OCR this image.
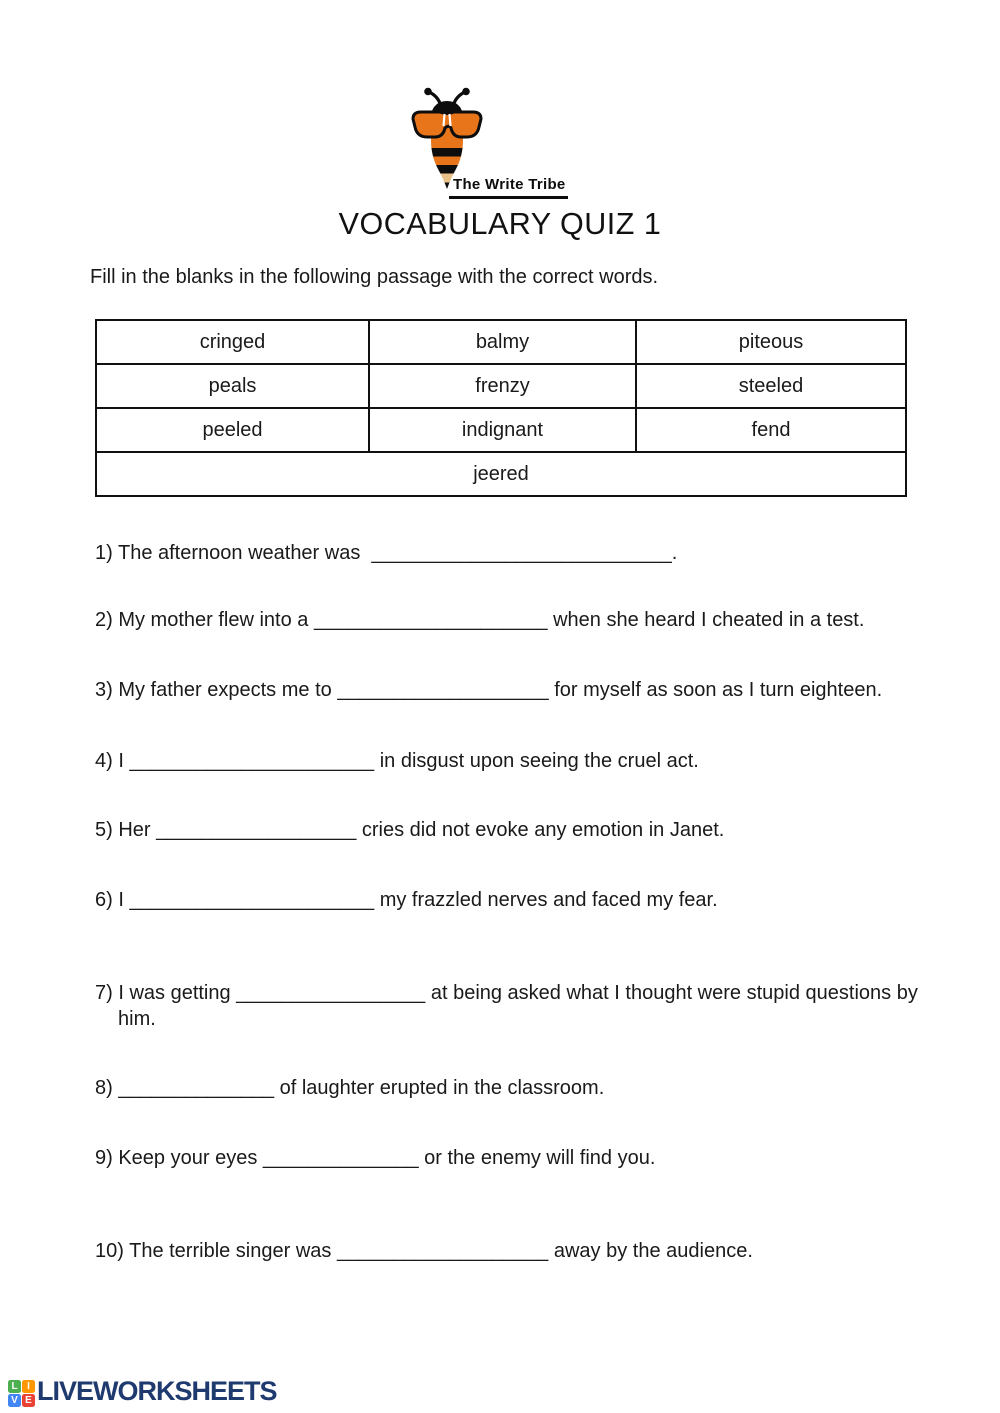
The Write Tribe
VOCABULARY QUIZ 1

Fill in the blanks in the following passage with the correct words.

cringed	balmy	piteous
peals	frenzy	steeled
peeled	indignant	fend
jeered		
1) The afternoon weather was  ___________________________.
2) My mother flew into a _____________________ when she heard I cheated in a test.
3) My father expects me to ___________________ for myself as soon as I turn eighteen.
4) I ______________________ in disgust upon seeing the cruel act.
5) Her __________________ cries did not evoke any emotion in Janet.
6) I ______________________ my frazzled nerves and faced my fear.
7) I was getting _________________ at being asked what I thought were stupid questions by him.
8) ______________ of laughter erupted in the classroom.
9) Keep your eyes ______________ or the enemy will find you.
10) The terrible singer was ___________________ away by the audience.
L I
V E LIVEWORKSHEETS
